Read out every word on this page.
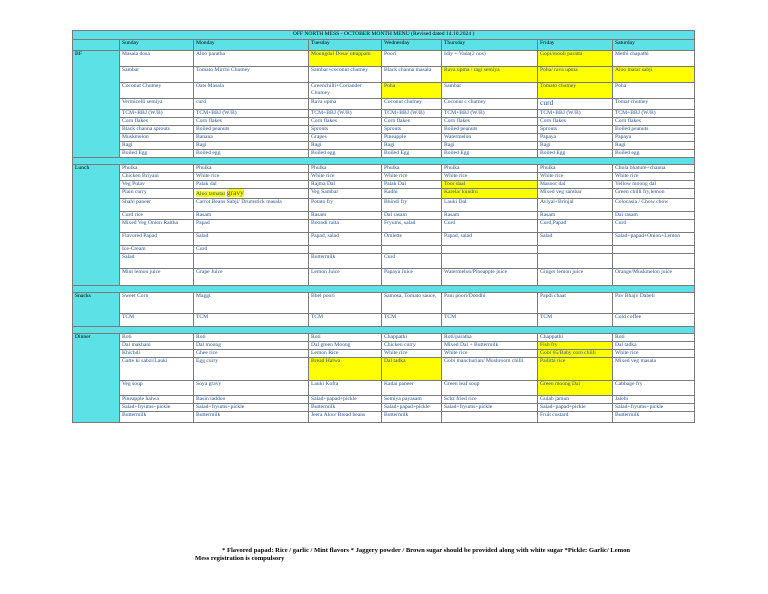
OFF NORTH MESS - OCTOBER MONTH MENU (Revised dated 14.10.2024 )							
	Sunday	Monday	Tuesday	Wednesday	Thursday	Friday	Saturday
BF	Masala dosa	Aloo paratha	Moongdal Dosa/ uttappam	Poori	Idly + Vada(2 nos)	Gopi/mooli paratta	Methi chapathi
	Sambar	Tomato Mirchi Chutney	Sambar+coconut chutney	Black channa masala	Rava upma / ragi semiya	Poha/ rava upma	Aloo matar sabji
	Coconut Chutney	Oats Masala	Greenchilli+Coriander Chutney	Poha	Sambar	Tomato chutney	Poha
	Vermicelli semiya	curd	Rava upma	Coconut chutney	Coconut c chutney	curd	Tomat chutney
	TCM+BBJ (W/B)	TCM+BBJ (W/B)	TCM+BBJ (W/B)	TCM+BBJ (W/B)	TCM+BBJ (W/B)	TCM+BBJ (W/B)	TCM+BBJ (W/B)
	Corn flakes	Corn flakes	Corn flakes	Corn flakes	Corn flakes	Corn flakes	Corn flakes
	Black channa sprouts	Boiled peanuts	Sprouts	Sprouts	Boiled peanuts	Sprouts	Boiled peanuts
	Muskmelon	Banana	Grapes	Pineapple	Watermelon	Papaya	Papaya
	Ragi	Ragi	Ragi	Ragi	Ragi	Ragi	Ragi
	Boiled Egg	Boiled egg	Boiled egg	Boiled Egg	Boiled Egg	Boiled Egg	Boiled egg

Lunch	Phulka	Phulka	Phulka	Phulka	Phulka	Phulka	Chola bhature+channa
	Chicken Briyani	White rice	White rice	White rice	White rice	White rice	White rice
	Veg Pulav	Palak dal	Rajma Dal	Palak Dal	Toor daal	Masoor dal	Yellow moong dal
	Plain curry	Aloo tamatar gravy	Veg Sambar	Kadhi	Karela/ kundru	Mixed veg sambar	Green chilli fry,lemon
	Shahi paneer	Carrot Beans Sabji/ Drumstick masala	Potato fry	Bhindi fry	Lauki Dal	Aviyal+Brinjal	Colocasia / Chow chow
	Curd rice	Rasam	Rasam	Dal rasam	Rasam	Rasam	Dal rasam
	Mixed Veg Onion Raitha	Papad	Boondi raita	Fryums, salad	Curd	Curd,Papad	Curd
	Flavored Papad	Salad	Papad, salad	Omlette	Papad, salad	Salad	Salad+papad+Onion+Lemon
	Ice-Cream	Curd					
	Salad		Buttermilk	Curd			
	Mint lemon juice	Grape Juice	Lemon Juice	Papaya Juice	Watermelon/Pineapple juice	Ginger lemon juice	Orange/Muskmelon juice

Snacks	Sweet Corn	Maggi	Bhel poori	Samosa, Tomato sauce,	Pani poori/Doodhi	Papdi chaat	Pav Bhaji/ Dabeli
	TCM	TCM	TCM	TCM	TCM	TCM	Cold coffee

Dinner	Roti	Roti	Roti	Chappathi	Roti/paratha	Chappathi	Roti
	Dal makhani	Dal moong	Dal green Moong	Chicken curry	Mixed Dal + Buttermilk	Fish fry	Dal tadka
	Khichdi	Ghee rice	Lemon Rice	White rice	White rice	Gobi 65/Baby corn chilli	White rice
	Gatte ki sabzi/Lauki	Egg curry	Bread Halwa	Dal tadka	Gobi manchurian/ Mushroom chilli	Paditta rice	Mixed veg masala
	Veg soup	Soya gravy	Lauki Kofta	Kadai paneer	Green leaf soup	Green moong Dal	Cabbage fry
	Pineapple halwa	Basin laddoo	Salad+papad+pickle	Semiya payasam	Schz fried rice	Gulab jamun	Jalebi
	Salad+fryums+pickle	Salad+fryums+pickle	Buttermilk	Salad+papad+pickle	Salad+fryums+pickle	Salad+papad+pickle	Salad+fryums+pickle
	Buttermilk	Buttermilk	Jeera Aloo/ Bread beans	Buttermilk		Fruit custard	Buttermilk
* Flavored papad: Rice / garlic / Mint flavors * Jaggery powder / Brown sugar should be provided along with white sugar *Pickle: Garlic/ Lemon
Mess registration is compulsory
